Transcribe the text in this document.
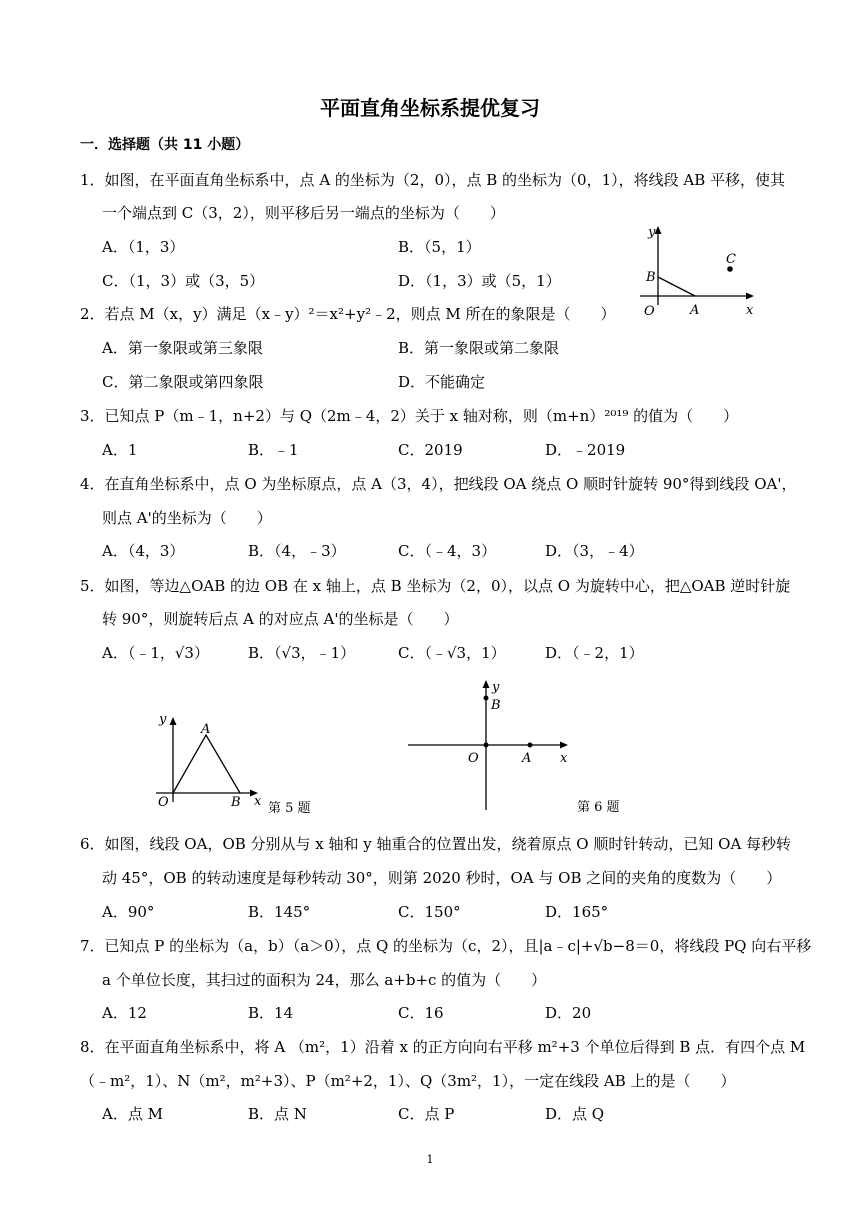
平面直角坐标系提优复习
一．选择题（共 11 小题）
1．如图，在平面直角坐标系中，点 A 的坐标为（2，0），点 B 的坐标为（0，1），将线段 AB 平移，使其
一个端点到 C（3，2），则平移后另一端点的坐标为（　　）
A．（1，3）	B．（5，1）
C．（1，3）或（3，5）	D．（1，3）或（5，1）
y
B
O	A
C
x
2．若点 M（x，y）满足（x﹣y）²＝x²+y²﹣2，则点 M 所在的象限是（　　）
A．第一象限或第三象限	B．第一象限或第二象限
C．第二象限或第四象限	D．不能确定
3．已知点 P（m﹣1，n+2）与 Q（2m﹣4，2）关于 x 轴对称，则（m+n）²⁰¹⁹ 的值为（　　）
A．1	B．﹣1	C．2019	D．﹣2019
4．在直角坐标系中，点 O 为坐标原点，点 A（3，4），把线段 OA 绕点 O 顺时针旋转 90°得到线段 OA'，
则点 A'的坐标为（　　）
A．（4，3）	B．（4，﹣3）	C．（﹣4，3）	D．（3，﹣4）
5．如图，等边△OAB 的边 OB 在 x 轴上，点 B 坐标为（2，0），以点 O 为旋转中心，把△OAB 逆时针旋
转 90°，则旋转后点 A 的对应点 A'的坐标是（　　）
A．（﹣1，√3）	B．（√3，﹣1）	C．（﹣√3，1）	D．（﹣2，1）
y
A
O	B x 第 5 题
y
B
O	A x
第 6 题
6．如图，线段 OA，OB 分别从与 x 轴和 y 轴重合的位置出发，绕着原点 O 顺时针转动，已知 OA 每秒转
动 45°，OB 的转动速度是每秒转动 30°，则第 2020 秒时，OA 与 OB 之间的夹角的度数为（　　）
A．90°	B．145°	C．150°	D．165°
7．已知点 P 的坐标为（a，b）（a＞0），点 Q 的坐标为（c，2），且|a﹣c|+√b−8＝0，将线段 PQ 向右平移
a 个单位长度，其扫过的面积为 24，那么 a+b+c 的值为（　　）
A．12	B．14	C．16	D．20
8．在平面直角坐标系中，将 A （m²，1）沿着 x 的正方向向右平移 m²+3 个单位后得到 B 点．有四个点 M
（﹣m²，1）、N（m²，m²+3）、P（m²+2，1）、Q（3m²，1），一定在线段 AB 上的是（　　）
A．点 M	B．点 N	C．点 P	D．点 Q
1
